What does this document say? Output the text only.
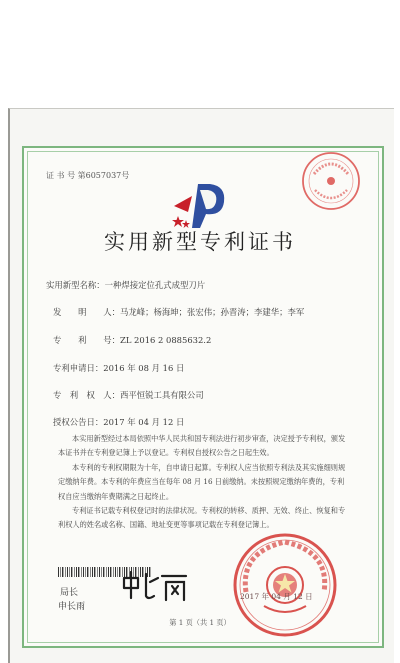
证 书 号 第6057037号
实用新型专利证书
实用新型名称：一种焊接定位孔式成型刀片
发　　明　　人：马龙峰；杨海坤；张宏伟；孙晋涛；李建华；李军
专　　利　　号：ZL 2016 2 0885632.2
专利申请日：2016 年 08 月 16 日
专　利　权　人：西平恒锐工具有限公司
授权公告日：2017 年 04 月 12 日

本实用新型经过本局依照中华人民共和国专利法进行初步审查，决定授予专利权，颁发本证书并在专利登记簿上予以登记。专利权自授权公告之日起生效。

本专利的专利权期限为十年，自申请日起算。专利权人应当依照专利法及其实施细则规定缴纳年费。本专利的年费应当在每年 08 月 16 日前缴纳。未按照规定缴纳年费的，专利权自应当缴纳年费期满之日起终止。

专利证书记载专利权登记时的法律状况。专利权的转移、质押、无效、终止、恢复和专利权人的姓名或名称、国籍、地址变更等事项记载在专利登记簿上。

局长
申长雨
2017 年 04 月 12 日
第 1 页（共 1 页）
